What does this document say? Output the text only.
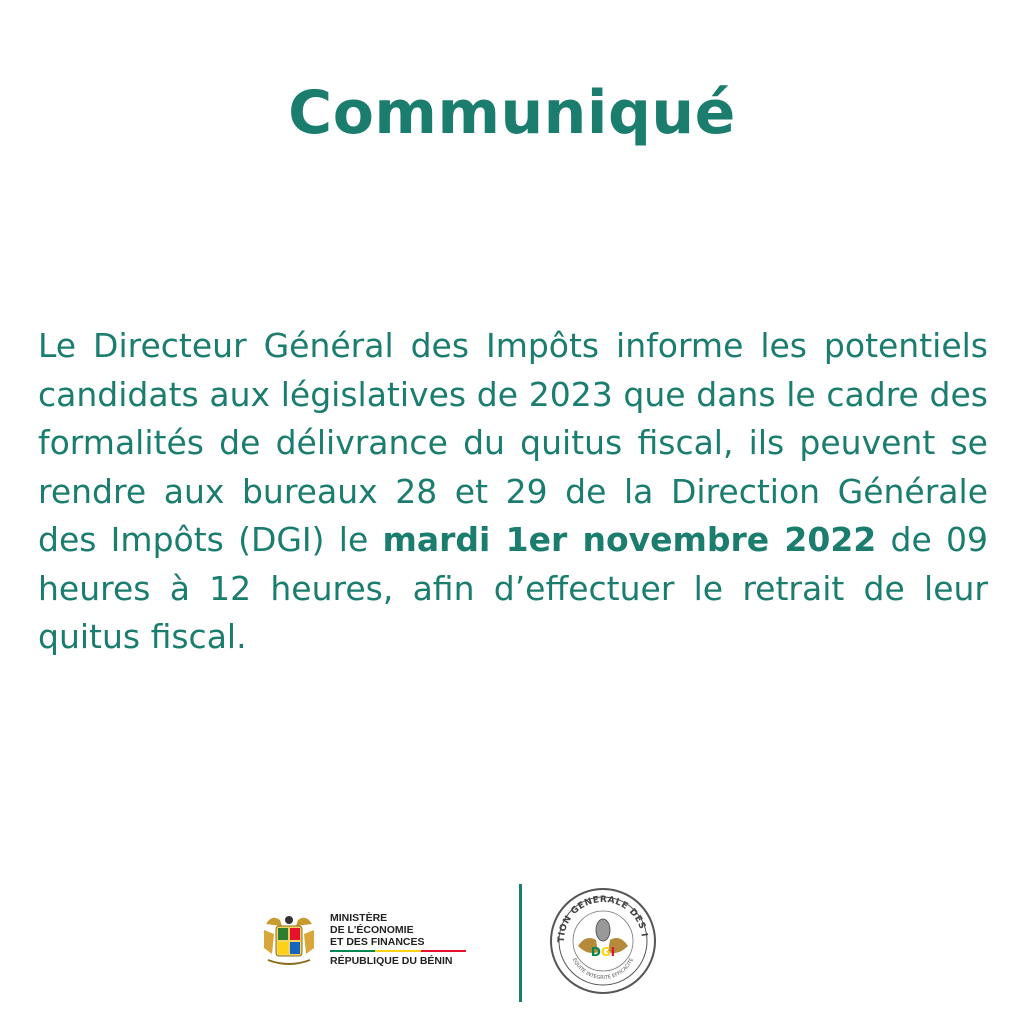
Communiqué
Le Directeur Général des Impôts informe les potentiels candidats aux législatives de 2023 que dans le cadre des formalités de délivrance du quitus fiscal, ils peuvent se rendre aux bureaux 28 et 29 de la Direction Générale des Impôts (DGI) le mardi 1er novembre 2022 de 09 heures à 12 heures, afin d’effectuer le retrait de leur quitus fiscal.
MINISTÈRE
DE L'ÉCONOMIE
ET DES FINANCES
RÉPUBLIQUE DU BÉNIN
TION GENERALE DES I
EQUITE INTEGRITE EFFICACITE
DGI
